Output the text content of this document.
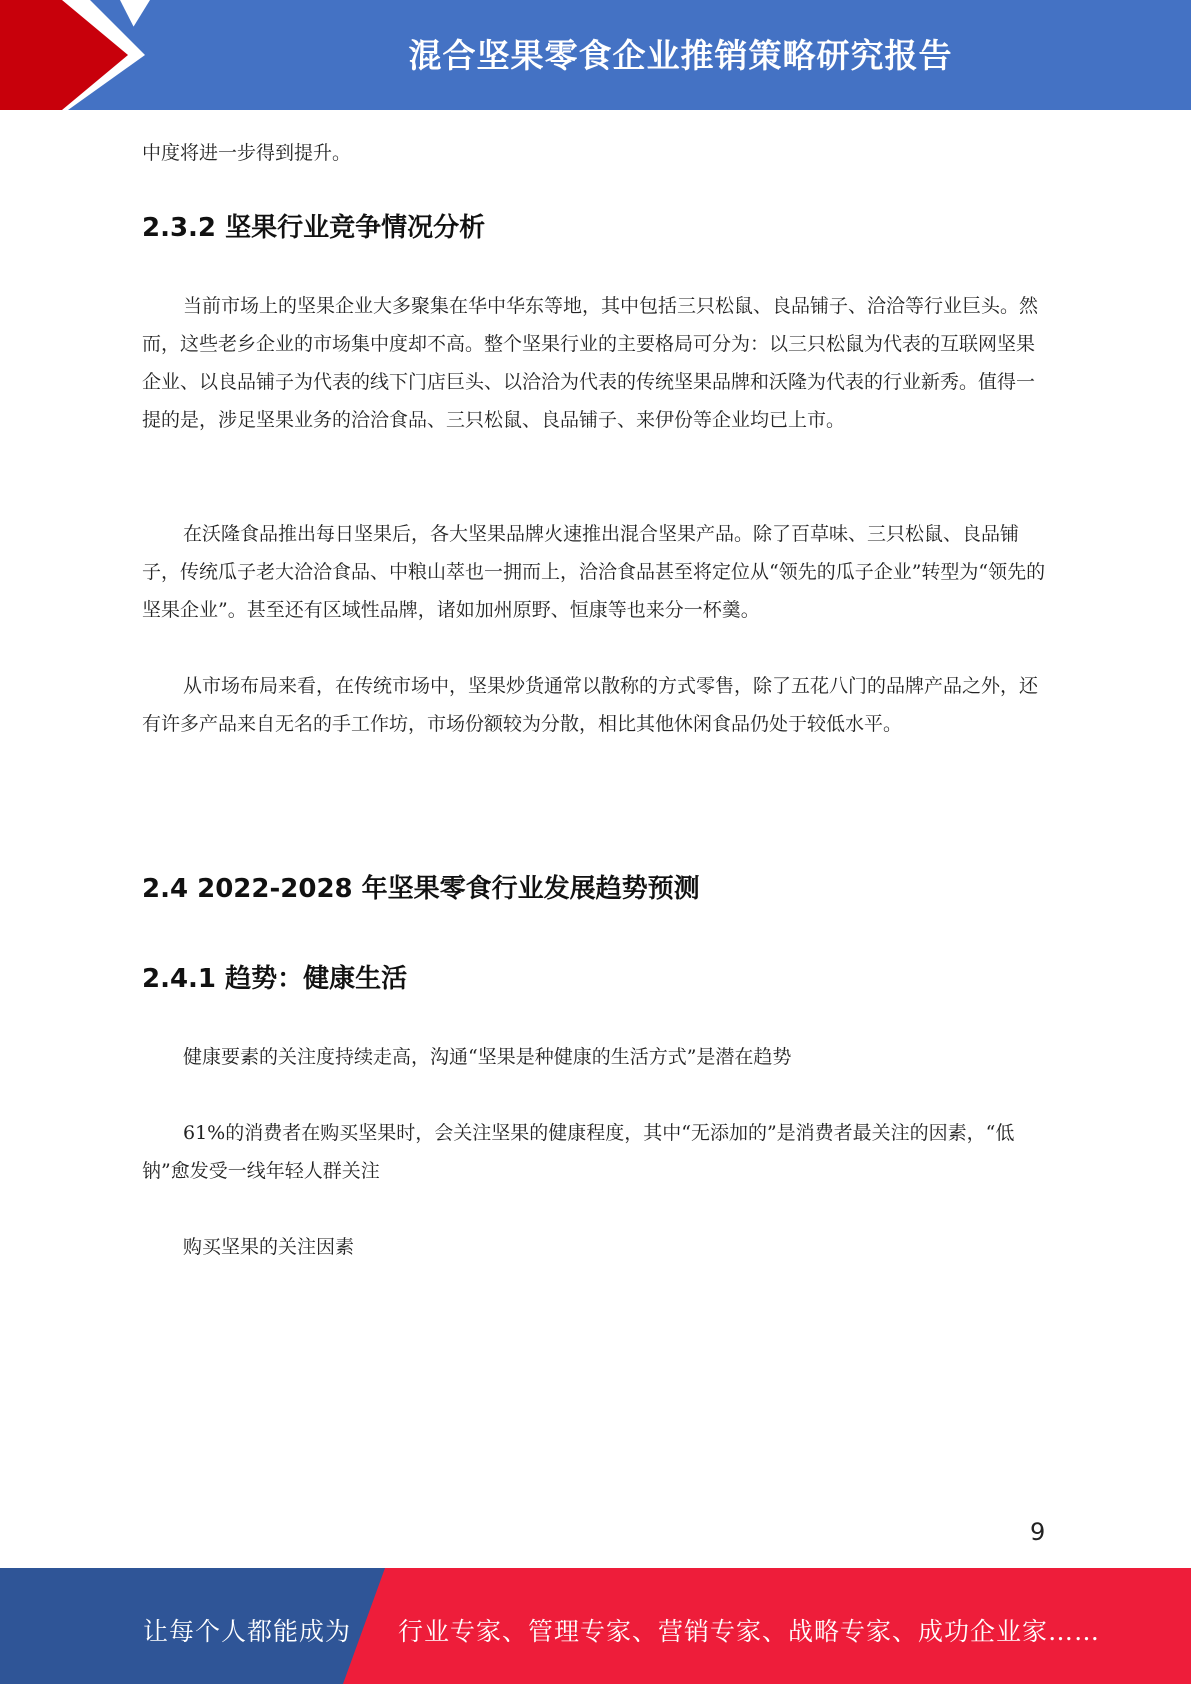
混合坚果零食企业推销策略研究报告

中度将进一步得到提升。

2.3.2 坚果行业竞争情况分析

当前市场上的坚果企业大多聚集在华中华东等地，其中包括三只松鼠、良品铺子、洽洽等行业巨头。然而，这些老乡企业的市场集中度却不高。整个坚果行业的主要格局可分为：以三只松鼠为代表的互联网坚果企业、以良品铺子为代表的线下门店巨头、以洽洽为代表的传统坚果品牌和沃隆为代表的行业新秀。值得一提的是，涉足坚果业务的洽洽食品、三只松鼠、良品铺子、来伊份等企业均已上市。

在沃隆食品推出每日坚果后，各大坚果品牌火速推出混合坚果产品。除了百草味、三只松鼠、良品铺子，传统瓜子老大洽洽食品、中粮山萃也一拥而上，洽洽食品甚至将定位从“领先的瓜子企业”转型为“领先的坚果企业”。甚至还有区域性品牌，诸如加州原野、恒康等也来分一杯羹。

从市场布局来看，在传统市场中，坚果炒货通常以散称的方式零售，除了五花八门的品牌产品之外，还有许多产品来自无名的手工作坊，市场份额较为分散，相比其他休闲食品仍处于较低水平。

2.4 2022-2028 年坚果零食行业发展趋势预测
2.4.1 趋势：健康生活

健康要素的关注度持续走高，沟通“坚果是种健康的生活方式”是潜在趋势

61%的消费者在购买坚果时，会关注坚果的健康程度，其中“无添加的”是消费者最关注的因素，“低钠”愈发受一线年轻人群关注

购买坚果的关注因素

9
让每个人都能成为 行业专家、管理专家、营销专家、战略专家、成功企业家……
